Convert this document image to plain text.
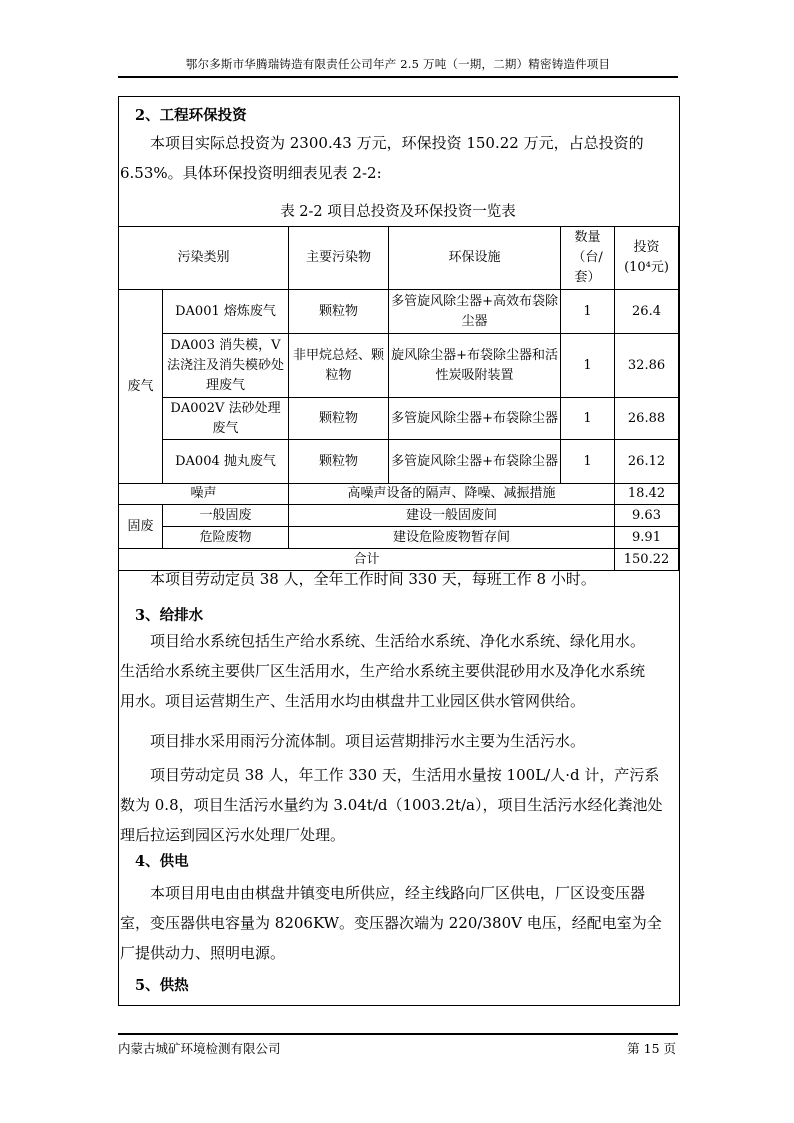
鄂尔多斯市华腾瑞铸造有限责任公司年产 2.5 万吨（一期，二期）精密铸造件项目
2、工程环保投资
本项目实际总投资为 2300.43 万元，环保投资 150.22 万元，占总投资的
6.53%。具体环保投资明细表见表 2-2:
表 2-2 项目总投资及环保投资一览表
污染类别		主要污染物	环保设施	数量（台/套）	投资
(10⁴元)

废气	DA001 熔炼废气	颗粒物	多管旋风除尘器+高效布袋除尘器	1	26.4
	DA003 消失模，V法浇注及消失模砂处理废气	非甲烷总烃、颗粒物	旋风除尘器+布袋除尘器和活性炭吸附装置	1	32.86
	DA002V 法砂处理废气	颗粒物	多管旋风除尘器+布袋除尘器	1	26.88
	DA004 抛丸废气	颗粒物	多管旋风除尘器+布袋除尘器	1	26.12
噪声		高噪声设备的隔声、降噪、减振措施			18.42
固废	一般固废	建设一般固废间			9.63
	危险废物	建设危险废物暂存间			9.91
合计					150.22
本项目劳动定员 38 人，全年工作时间 330 天，每班工作 8 小时。
3、给排水
项目给水系统包括生产给水系统、生活给水系统、净化水系统、绿化用水。
生活给水系统主要供厂区生活用水，生产给水系统主要供混砂用水及净化水系统
用水。项目运营期生产、生活用水均由棋盘井工业园区供水管网供给。
项目排水采用雨污分流体制。项目运营期排污水主要为生活污水。
项目劳动定员 38 人，年工作 330 天，生活用水量按 100L/人·d 计，产污系
数为 0.8，项目生活污水量约为 3.04t/d（1003.2t/a），项目生活污水经化粪池处
理后拉运到园区污水处理厂处理。
4、供电
本项目用电由由棋盘井镇变电所供应，经主线路向厂区供电，厂区设变压器
室，变压器供电容量为 8206KW。变压器次端为 220/380V 电压，经配电室为全
厂提供动力、照明电源。
5、供热
内蒙古城矿环境检测有限公司	第 15 页
